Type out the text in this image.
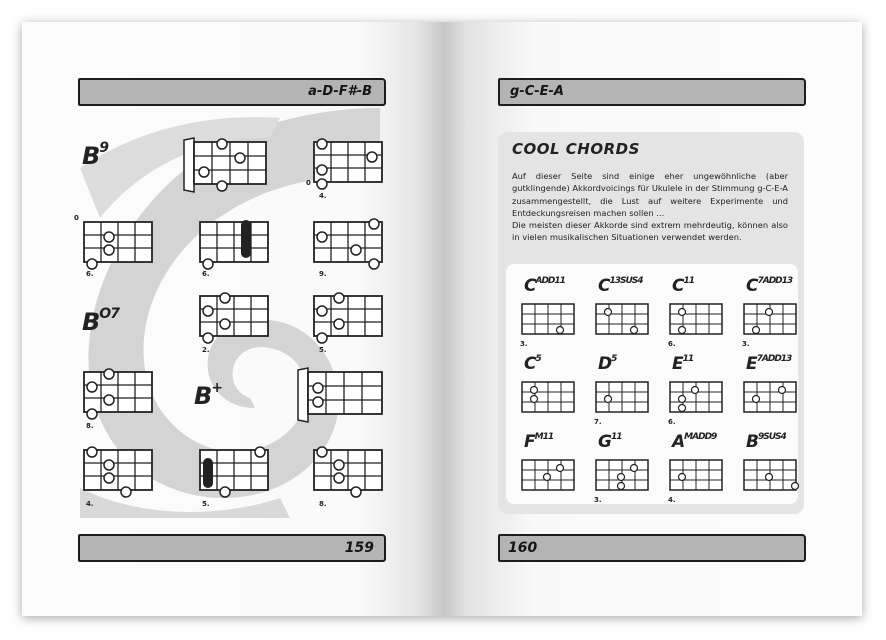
a-D-F#-B
$B^9$
$B^{O7}$
B+
0
4.
0
6.	6.	9.
2.	5.
8.
4.	5.	8.
159
g-C-E-A
160
COOL CHORDS

Auf dieser Seite sind einige eher ungewöhnliche (aber gutklingende) Akkordvoicings für Ukulele in der Stimmung g-C-E-A zusammengestellt, die Lust auf weitere Experimente und Entdeckungsreisen machen sollen ...

Die meisten dieser Akkorde sind extrem mehrdeutig, können also in vielen musikalischen Situationen verwendet werden.

$C^{ADD11}$
3.
$C^{13SUS4}$ $C^{11}$
6.
$C^{7ADD13}$
3.
$C^5$	$D^5$
7.
$E^{11}$
6.
$E^{7ADD13}$
$F^{M11}$	$G^{11}$
3.
$A^{MADD9}$
4.
$B^{9SUS4}$
